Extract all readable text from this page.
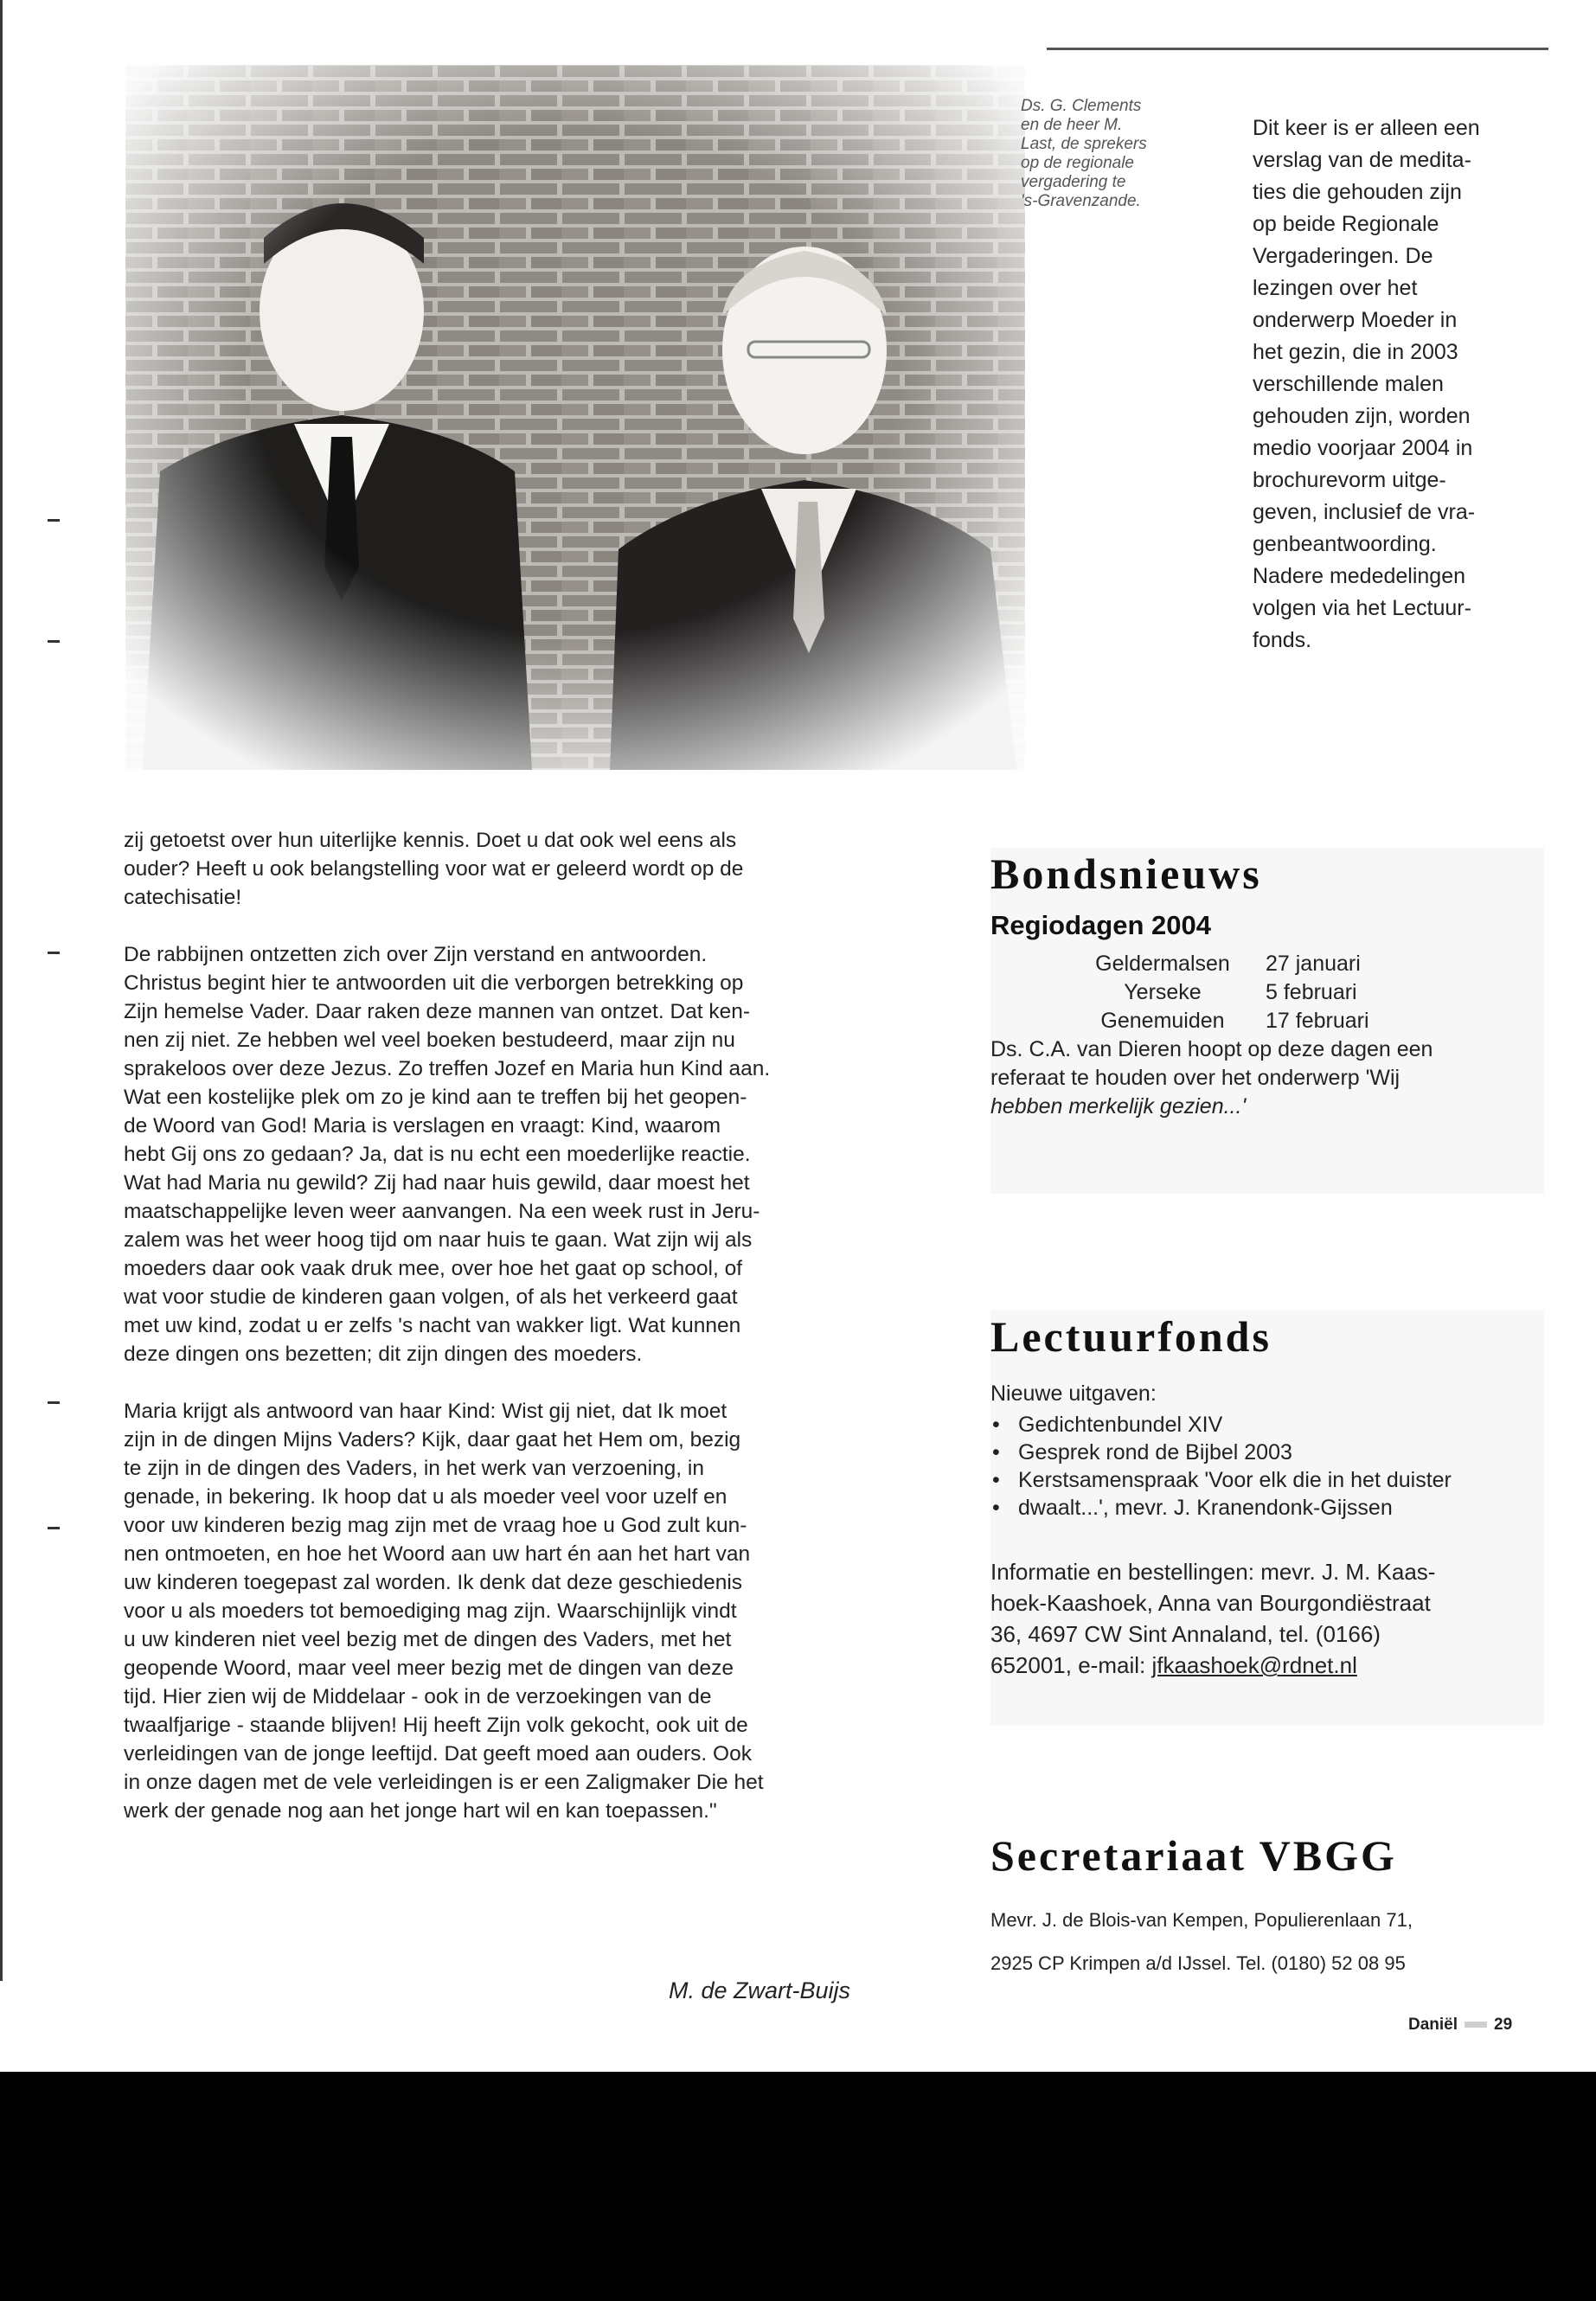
Ds. G. Clements
en de heer M.
Last, de sprekers
op de regionale
vergadering te
's-Gravenzande.
Dit keer is er alleen een
verslag van de medita-
ties die gehouden zijn
op beide Regionale
Vergaderingen. De
lezingen over het
onderwerp Moeder in
het gezin, die in 2003
verschillende malen
gehouden zijn, worden
medio voorjaar 2004 in
brochurevorm uitge-
geven, inclusief de vra-
genbeantwoording.
Nadere mededelingen
volgen via het Lectuur-
fonds.
zij getoetst over hun uiterlijke kennis. Doet u dat ook wel eens als
ouder? Heeft u ook belangstelling voor wat er geleerd wordt op de
catechisatie!
De rabbijnen ontzetten zich over Zijn verstand en antwoorden.
Christus begint hier te antwoorden uit die verborgen betrekking op
Zijn hemelse Vader. Daar raken deze mannen van ontzet. Dat ken-
nen zij niet. Ze hebben wel veel boeken bestudeerd, maar zijn nu
sprakeloos over deze Jezus. Zo treffen Jozef en Maria hun Kind aan.
Wat een kostelijke plek om zo je kind aan te treffen bij het geopen-
de Woord van God! Maria is verslagen en vraagt: Kind, waarom
hebt Gij ons zo gedaan? Ja, dat is nu echt een moederlijke reactie.
Wat had Maria nu gewild? Zij had naar huis gewild, daar moest het
maatschappelijke leven weer aanvangen. Na een week rust in Jeru-
zalem was het weer hoog tijd om naar huis te gaan. Wat zijn wij als
moeders daar ook vaak druk mee, over hoe het gaat op school, of
wat voor studie de kinderen gaan volgen, of als het verkeerd gaat
met uw kind, zodat u er zelfs 's nacht van wakker ligt. Wat kunnen
deze dingen ons bezetten; dit zijn dingen des moeders.
Maria krijgt als antwoord van haar Kind: Wist gij niet, dat Ik moet
zijn in de dingen Mijns Vaders? Kijk, daar gaat het Hem om, bezig
te zijn in de dingen des Vaders, in het werk van verzoening, in
genade, in bekering. Ik hoop dat u als moeder veel voor uzelf en
voor uw kinderen bezig mag zijn met de vraag hoe u God zult kun-
nen ontmoeten, en hoe het Woord aan uw hart én aan het hart van
uw kinderen toegepast zal worden. Ik denk dat deze geschiedenis
voor u als moeders tot bemoediging mag zijn. Waarschijnlijk vindt
u uw kinderen niet veel bezig met de dingen des Vaders, met het
geopende Woord, maar veel meer bezig met de dingen van deze
tijd. Hier zien wij de Middelaar - ook in de verzoekingen van de
twaalfjarige - staande blijven! Hij heeft Zijn volk gekocht, ook uit de
verleidingen van de jonge leeftijd. Dat geeft moed aan ouders. Ook
in onze dagen met de vele verleidingen is er een Zaligmaker Die het
werk der genade nog aan het jonge hart wil en kan toepassen."
M. de Zwart-Buijs
Bondsnieuws
Regiodagen 2004
Geldermalsen	27 januari
Yerseke	5 februari
Genemuiden	17 februari
Ds. C.A. van Dieren hoopt op deze dagen een
referaat te houden over het onderwerp 'Wij
hebben merkelijk gezien...'
Lectuurfonds
Nieuwe uitgaven:
• Gedichtenbundel XIV
• Gesprek rond de Bijbel 2003
• Kerstsamenspraak 'Voor elk die in het duister
• dwaalt...', mevr. J. Kranendonk-Gijssen
Informatie en bestellingen: mevr. J. M. Kaas-
hoek-Kaashoek, Anna van Bourgondiëstraat
36, 4697 CW Sint Annaland, tel. (0166)
652001, e-mail: jfkaashoek@rdnet.nl
Secretariaat VBGG
Mevr. J. de Blois-van Kempen, Populierenlaan 71,
2925 CP Krimpen a/d IJssel. Tel. (0180) 52 08 95
Daniël 29
